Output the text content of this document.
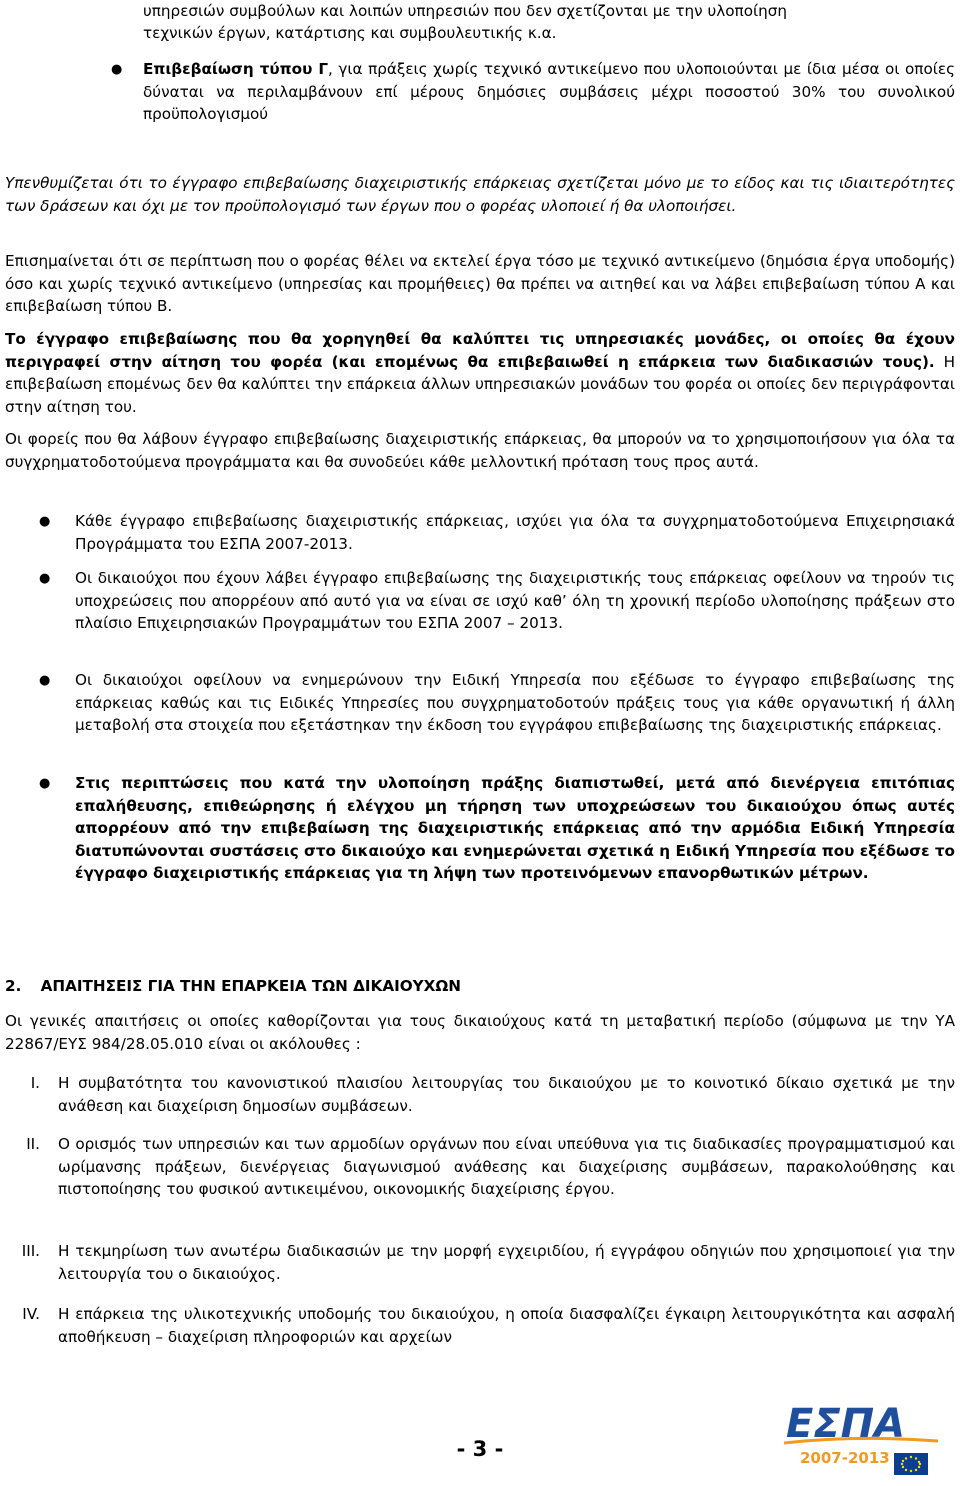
υπηρεσιών συμβούλων και λοιπών υπηρεσιών που δεν σχετίζονται με την υλοποίηση

τεχνικών έργων, κατάρτισης και συμβουλευτικής κ.α.

● Επιβεβαίωση τύπου Γ, για πράξεις χωρίς τεχνικό αντικείμενο που υλοποιούνται με ίδια μέσα οι οποίες δύναται να περιλαμβάνουν επί μέρους δημόσιες συμβάσεις μέχρι ποσοστού 30% του συνολικού προϋπολογισμού

Υπενθυμίζεται ότι το έγγραφο επιβεβαίωσης διαχειριστικής επάρκειας σχετίζεται μόνο με το είδος και τις ιδιαιτερότητες των δράσεων και όχι με τον προϋπολογισμό των έργων που ο φορέας υλοποιεί ή θα υλοποιήσει.

Επισημαίνεται ότι σε περίπτωση που ο φορέας θέλει να εκτελεί έργα τόσο με τεχνικό αντικείμενο (δημόσια έργα υποδομής) όσο και χωρίς τεχνικό αντικείμενο (υπηρεσίας και προμήθειες) θα πρέπει να αιτηθεί και να λάβει επιβεβαίωση τύπου Α και επιβεβαίωση τύπου Β.

Το έγγραφο επιβεβαίωσης που θα χορηγηθεί θα καλύπτει τις υπηρεσιακές μονάδες, οι οποίες θα έχουν περιγραφεί στην αίτηση του φορέα (και επομένως θα επιβεβαιωθεί η επάρκεια των διαδικασιών τους). Η επιβεβαίωση επομένως δεν θα καλύπτει την επάρκεια άλλων υπηρεσιακών μονάδων του φορέα οι οποίες δεν περιγράφονται στην αίτηση του.

Οι φορείς που θα λάβουν έγγραφο επιβεβαίωσης διαχειριστικής επάρκειας, θα μπορούν να το χρησιμοποιήσουν για όλα τα συγχρηματοδοτούμενα προγράμματα και θα συνοδεύει κάθε μελλοντική πρόταση τους προς αυτά.

● Κάθε έγγραφο επιβεβαίωσης διαχειριστικής επάρκειας, ισχύει για όλα τα συγχρηματοδοτούμενα Επιχειρησιακά Προγράμματα του ΕΣΠΑ 2007-2013.

● Οι δικαιούχοι που έχουν λάβει έγγραφο επιβεβαίωσης της διαχειριστικής τους επάρκειας οφείλουν να τηρούν τις υποχρεώσεις που απορρέουν από αυτό για να είναι σε ισχύ καθ’ όλη τη χρονική περίοδο υλοποίησης πράξεων στο πλαίσιο Επιχειρησιακών Προγραμμάτων του ΕΣΠΑ 2007 – 2013.

● Οι δικαιούχοι οφείλουν να ενημερώνουν την Ειδική Υπηρεσία που εξέδωσε το έγγραφο επιβεβαίωσης της επάρκειας καθώς και τις Ειδικές Υπηρεσίες που συγχρηματοδοτούν πράξεις τους για κάθε οργανωτική ή άλλη μεταβολή στα στοιχεία που εξετάστηκαν την έκδοση του εγγράφου επιβεβαίωσης της διαχειριστικής επάρκειας.

● Στις περιπτώσεις που κατά την υλοποίηση πράξης διαπιστωθεί, μετά από διενέργεια επιτόπιας επαλήθευσης, επιθεώρησης ή ελέγχου μη τήρηση των υποχρεώσεων του δικαιούχου όπως αυτές απορρέουν από την επιβεβαίωση της διαχειριστικής επάρκειας από την αρμόδια Ειδική Υπηρεσία διατυπώνονται συστάσεις στο δικαιούχο και ενημερώνεται σχετικά η Ειδική Υπηρεσία που εξέδωσε το έγγραφο διαχειριστικής επάρκειας για τη λήψη των προτεινόμενων επανορθωτικών μέτρων.

2. ΑΠΑΙΤΗΣΕΙΣ ΓΙΑ ΤΗΝ ΕΠΑΡΚΕΙΑ ΤΩΝ ΔΙΚΑΙΟΥΧΩΝ

Οι γενικές απαιτήσεις οι οποίες καθορίζονται για τους δικαιούχους κατά τη μεταβατική περίοδο (σύμφωνα με την ΥΑ 22867/ΕΥΣ 984/28.05.010 είναι οι ακόλουθες :

I. Η συμβατότητα του κανονιστικού πλαισίου λειτουργίας του δικαιούχου με το κοινοτικό δίκαιο σχετικά με την ανάθεση και διαχείριση δημοσίων συμβάσεων.

II. Ο ορισμός των υπηρεσιών και των αρμοδίων οργάνων που είναι υπεύθυνα για τις διαδικασίες προγραμματισμού και ωρίμανσης πράξεων, διενέργειας διαγωνισμού ανάθεσης και διαχείρισης συμβάσεων, παρακολούθησης και πιστοποίησης του φυσικού αντικειμένου, οικονομικής διαχείρισης έργου.

III. Η τεκμηρίωση των ανωτέρω διαδικασιών με την μορφή εγχειριδίου, ή εγγράφου οδηγιών που χρησιμοποιεί για την λειτουργία του ο δικαιούχος.

IV. Η επάρκεια της υλικοτεχνικής υποδομής του δικαιούχου, η οποία διασφαλίζει έγκαιρη λειτουργικότητα και ασφαλή αποθήκευση – διαχείριση πληροφοριών και αρχείων

- 3 -
ΕΣΠΑ
2007-2013
